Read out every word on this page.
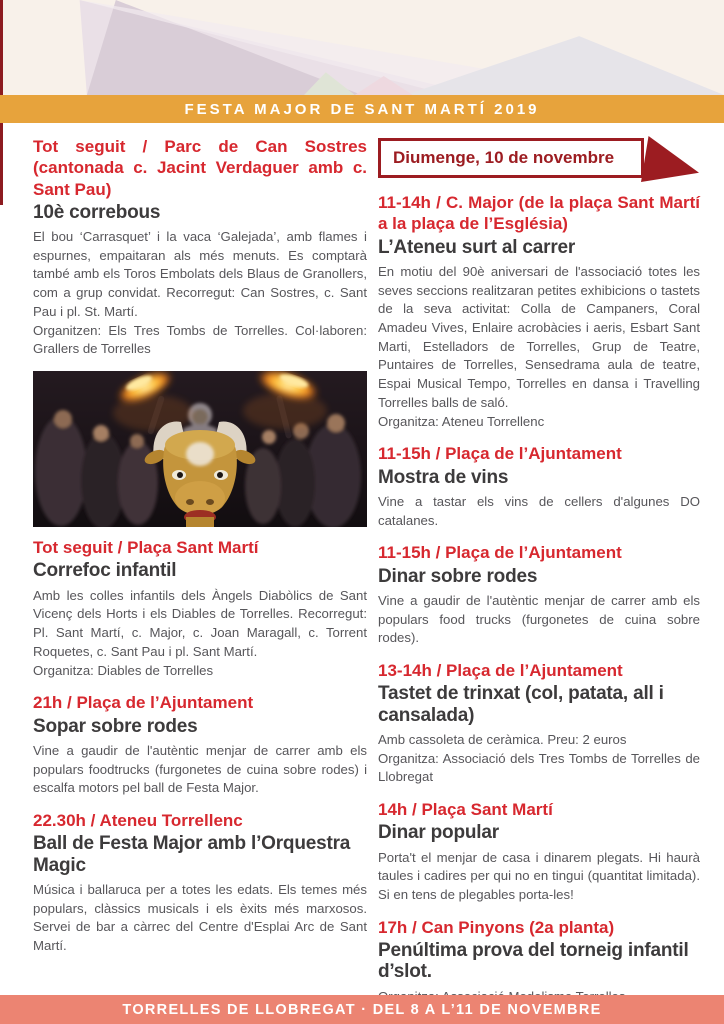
FESTA MAJOR DE SANT MARTÍ 2019
Tot seguit / Parc de Can Sostres (cantonada c. Jacint Verdaguer amb c. Sant Pau)
10è correbous

El bou ‘Carrasquet’ i la vaca ‘Galejada’, amb flames i espurnes, empaitaran als més menuts. Es comptarà també amb els Toros Embolats dels Blaus de Granollers, com a grup convidat. Recorregut: Can Sostres, c. Sant Pau i pl. St. Martí.

Organitzen: Els Tres Tombs de Torrelles. Col·laboren: Grallers de Torrelles

Tot seguit / Plaça Sant Martí
Correfoc infantil

Amb les colles infantils dels Àngels Diabòlics de Sant Vicenç dels Horts i els Diables de Torrelles. Recorregut: Pl. Sant Martí, c. Major, c. Joan Maragall, c. Torrent Roquetes, c. Sant Pau i pl. Sant Martí.

Organitza: Diables de Torrelles

21h / Plaça de l’Ajuntament
Sopar sobre rodes

Vine a gaudir de l'autèntic menjar de carrer amb els populars foodtrucks (furgonetes de cuina sobre rodes) i escalfa motors pel ball de Festa Major.

22.30h / Ateneu Torrellenc
Ball de Festa Major amb l’Orquestra Magic

Música i ballaruca per a totes les edats. Els temes més populars, clàssics musicals i els èxits més marxosos. Servei de bar a càrrec del Centre d'Esplai Arc de Sant Martí.

Diumenge, 10 de novembre
11-14h / C. Major (de la plaça Sant Martí a la plaça de l’Església)
L’Ateneu surt al carrer

En motiu del 90è aniversari de l'associació totes les seves seccions realitzaran petites exhibicions o tastets de la seva activitat: Colla de Campaners, Coral Amadeu Vives, Enlaire acrobàcies i aeris, Esbart Sant Marti, Estelladors de Torrelles, Grup de Teatre, Puntaires de Torrelles, Sensedrama aula de teatre, Espai Musical Tempo, Torrelles en dansa i Travelling Torrelles balls de saló.

Organitza: Ateneu Torrellenc

11-15h / Plaça de l’Ajuntament
Mostra de vins

Vine a tastar els vins de cellers d'algunes DO catalanes.

11-15h / Plaça de l’Ajuntament
Dinar sobre rodes

Vine a gaudir de l'autèntic menjar de carrer amb els populars food trucks (furgonetes de cuina sobre rodes).

13-14h / Plaça de l’Ajuntament
Tastet de trinxat (col, patata, all i cansalada)

Amb cassoleta de ceràmica. Preu: 2 euros

Organitza: Associació dels Tres Tombs de Torrelles de Llobregat

14h / Plaça Sant Martí
Dinar popular

Porta't el menjar de casa i dinarem plegats. Hi haurà taules i cadires per qui no en tingui (quantitat limitada). Si en tens de plegables porta-les!

17h / Can Pinyons (2a planta)
Penúltima prova del torneig infantil d’slot.

TORRELLES DE LLOBREGAT · DEL 8 A L’11 DE NOVEMBRE
